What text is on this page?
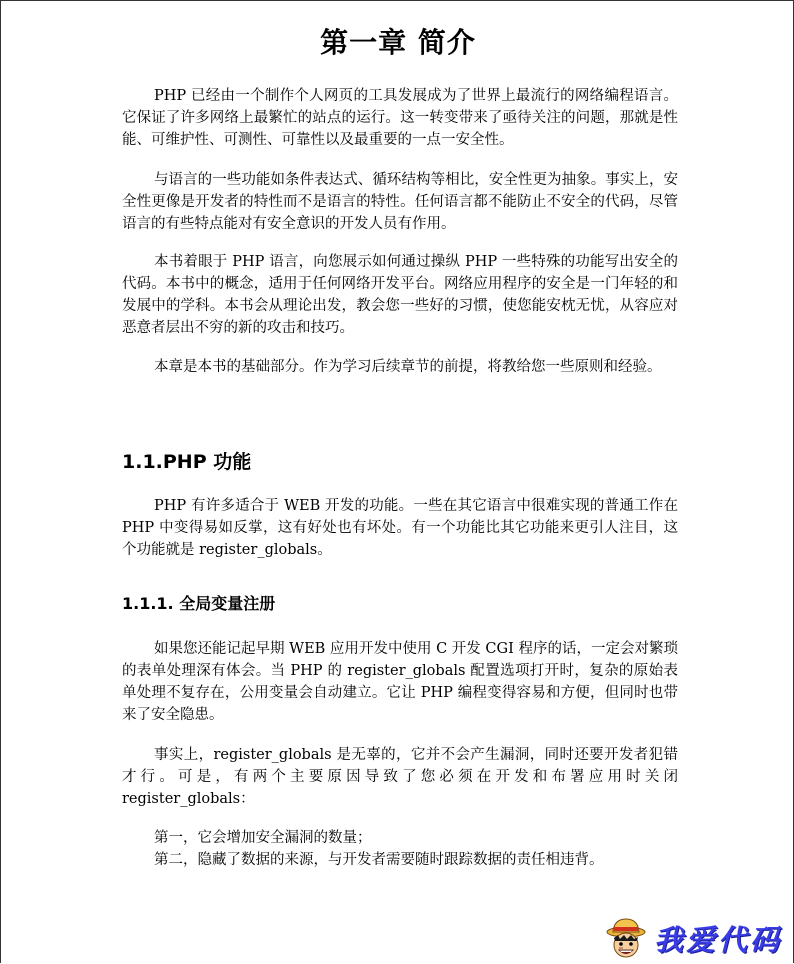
第一章 简介

PHP 已经由一个制作个人网页的工具发展成为了世界上最流行的网络编程语言。它保证了许多网络上最繁忙的站点的运行。这一转变带来了亟待关注的问题，那就是性能、可维护性、可测性、可靠性以及最重要的一点一安全性。

与语言的一些功能如条件表达式、循环结构等相比，安全性更为抽象。事实上，安全性更像是开发者的特性而不是语言的特性。任何语言都不能防止不安全的代码，尽管语言的有些特点能对有安全意识的开发人员有作用。

本书着眼于 PHP 语言，向您展示如何通过操纵 PHP 一些特殊的功能写出安全的代码。本书中的概念，适用于任何网络开发平台。网络应用程序的安全是一门年轻的和发展中的学科。本书会从理论出发，教会您一些好的习惯，使您能安枕无忧，从容应对恶意者层出不穷的新的攻击和技巧。

本章是本书的基础部分。作为学习后续章节的前提，将教给您一些原则和经验。

1.1.PHP 功能

PHP 有许多适合于 WEB 开发的功能。一些在其它语言中很难实现的普通工作在 PHP 中变得易如反掌，这有好处也有坏处。有一个功能比其它功能来更引人注目，这个功能就是 register_globals。

1.1.1. 全局变量注册

如果您还能记起早期 WEB 应用开发中使用 C 开发 CGI 程序的话，一定会对繁琐的表单处理深有体会。当 PHP 的 register_globals 配置选项打开时，复杂的原始表单处理不复存在，公用变量会自动建立。它让 PHP 编程变得容易和方便，但同时也带来了安全隐患。

事实上，register_globals 是无辜的，它并不会产生漏洞，同时还要开发者犯错才行。可是，有两个主要原因导致了您必须在开发和布署应用时关闭 register_globals：

第一，它会增加安全漏洞的数量；

第二，隐藏了数据的来源，与开发者需要随时跟踪数据的责任相违背。

我爱代码
